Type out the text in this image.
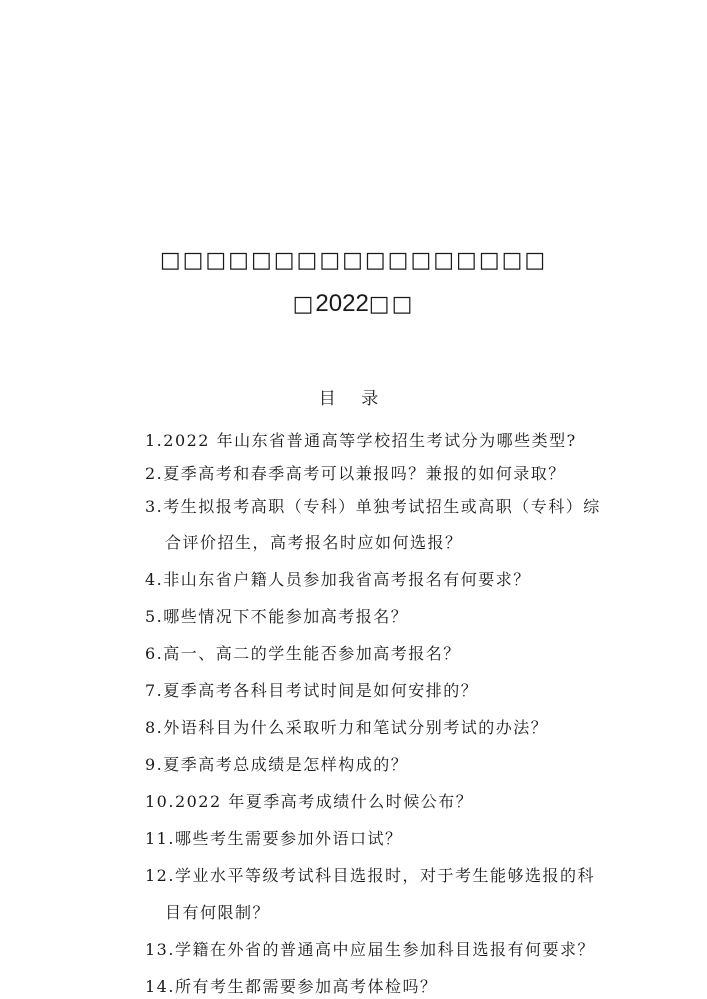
□□□□□□□□□□□□□□□□□
□2022□□
目 录
1.2022 年山东省普通高等学校招生考试分为哪些类型?
2.夏季高考和春季高考可以兼报吗？兼报的如何录取？
3.考生拟报考高职（专科）单独考试招生或高职（专科）综
合评价招生，高考报名时应如何选报？
4.非山东省户籍人员参加我省高考报名有何要求？
5.哪些情况下不能参加高考报名？
6.高一、高二的学生能否参加高考报名？
7.夏季高考各科目考试时间是如何安排的？
8.外语科目为什么采取听力和笔试分别考试的办法？
9.夏季高考总成绩是怎样构成的？
10.2022 年夏季高考成绩什么时候公布？
11.哪些考生需要参加外语口试？
12.学业水平等级考试科目选报时，对于考生能够选报的科
目有何限制？
13.学籍在外省的普通高中应届生参加科目选报有何要求？
14.所有考生都需要参加高考体检吗？
